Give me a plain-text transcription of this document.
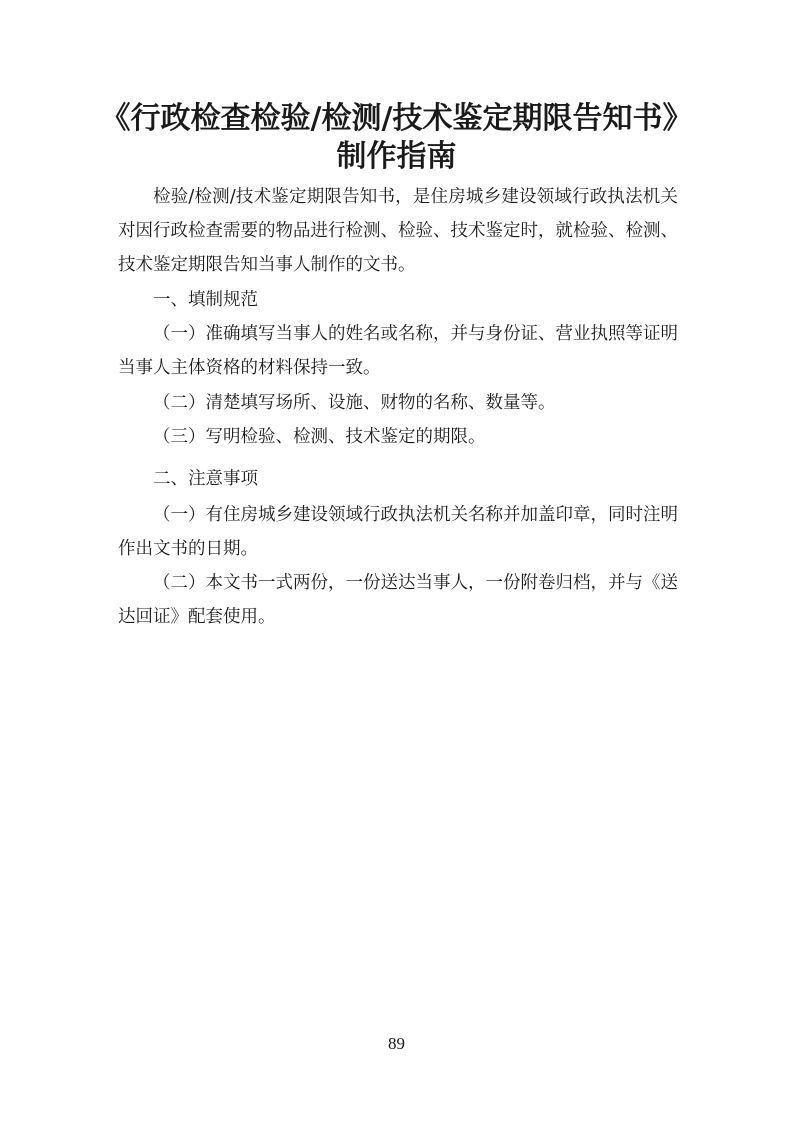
《行政检查检验/检测/技术鉴定期限告知书》
制作指南

检验/检测/技术鉴定期限告知书，是住房城乡建设领域行政执法机关对因行政检查需要的物品进行检测、检验、技术鉴定时，就检验、检测、技术鉴定期限告知当事人制作的文书。

一、填制规范

（一）准确填写当事人的姓名或名称，并与身份证、营业执照等证明当事人主体资格的材料保持一致。

（二）清楚填写场所、设施、财物的名称、数量等。

（三）写明检验、检测、技术鉴定的期限。

二、注意事项

（一）有住房城乡建设领域行政执法机关名称并加盖印章，同时注明作出文书的日期。

（二）本文书一式两份，一份送达当事人，一份附卷归档，并与《送达回证》配套使用。

89
